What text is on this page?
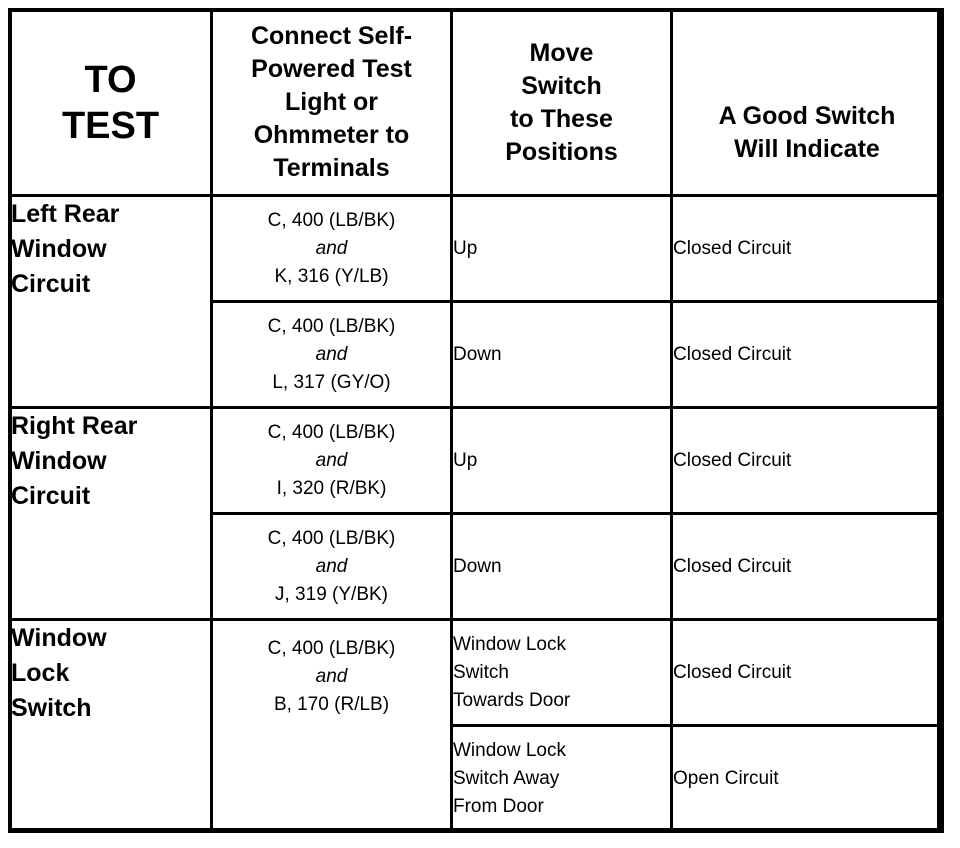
TO
TEST	Connect Self-
Powered Test
Light or
Ohmmeter to
Terminals	Move
Switch
to These
Positions	A Good Switch
Will Indicate

Left Rear
Window
Circuit	C, 400 (LB/BK)
and
K, 316 (Y/LB)	Up	Closed Circuit

	C, 400 (LB/BK)
and
L, 317 (GY/O)	Down	Closed Circuit

Right Rear
Window
Circuit	C, 400 (LB/BK)
and
I, 320 (R/BK)	Up	Closed Circuit

	C, 400 (LB/BK)
and
J, 319 (Y/BK)	Down	Closed Circuit

Window
Lock
Switch	C, 400 (LB/BK)
and
B, 170 (R/LB)	Window Lock
Switch
Towards Door	Closed Circuit

		Window Lock
Switch Away
From Door	Open Circuit
